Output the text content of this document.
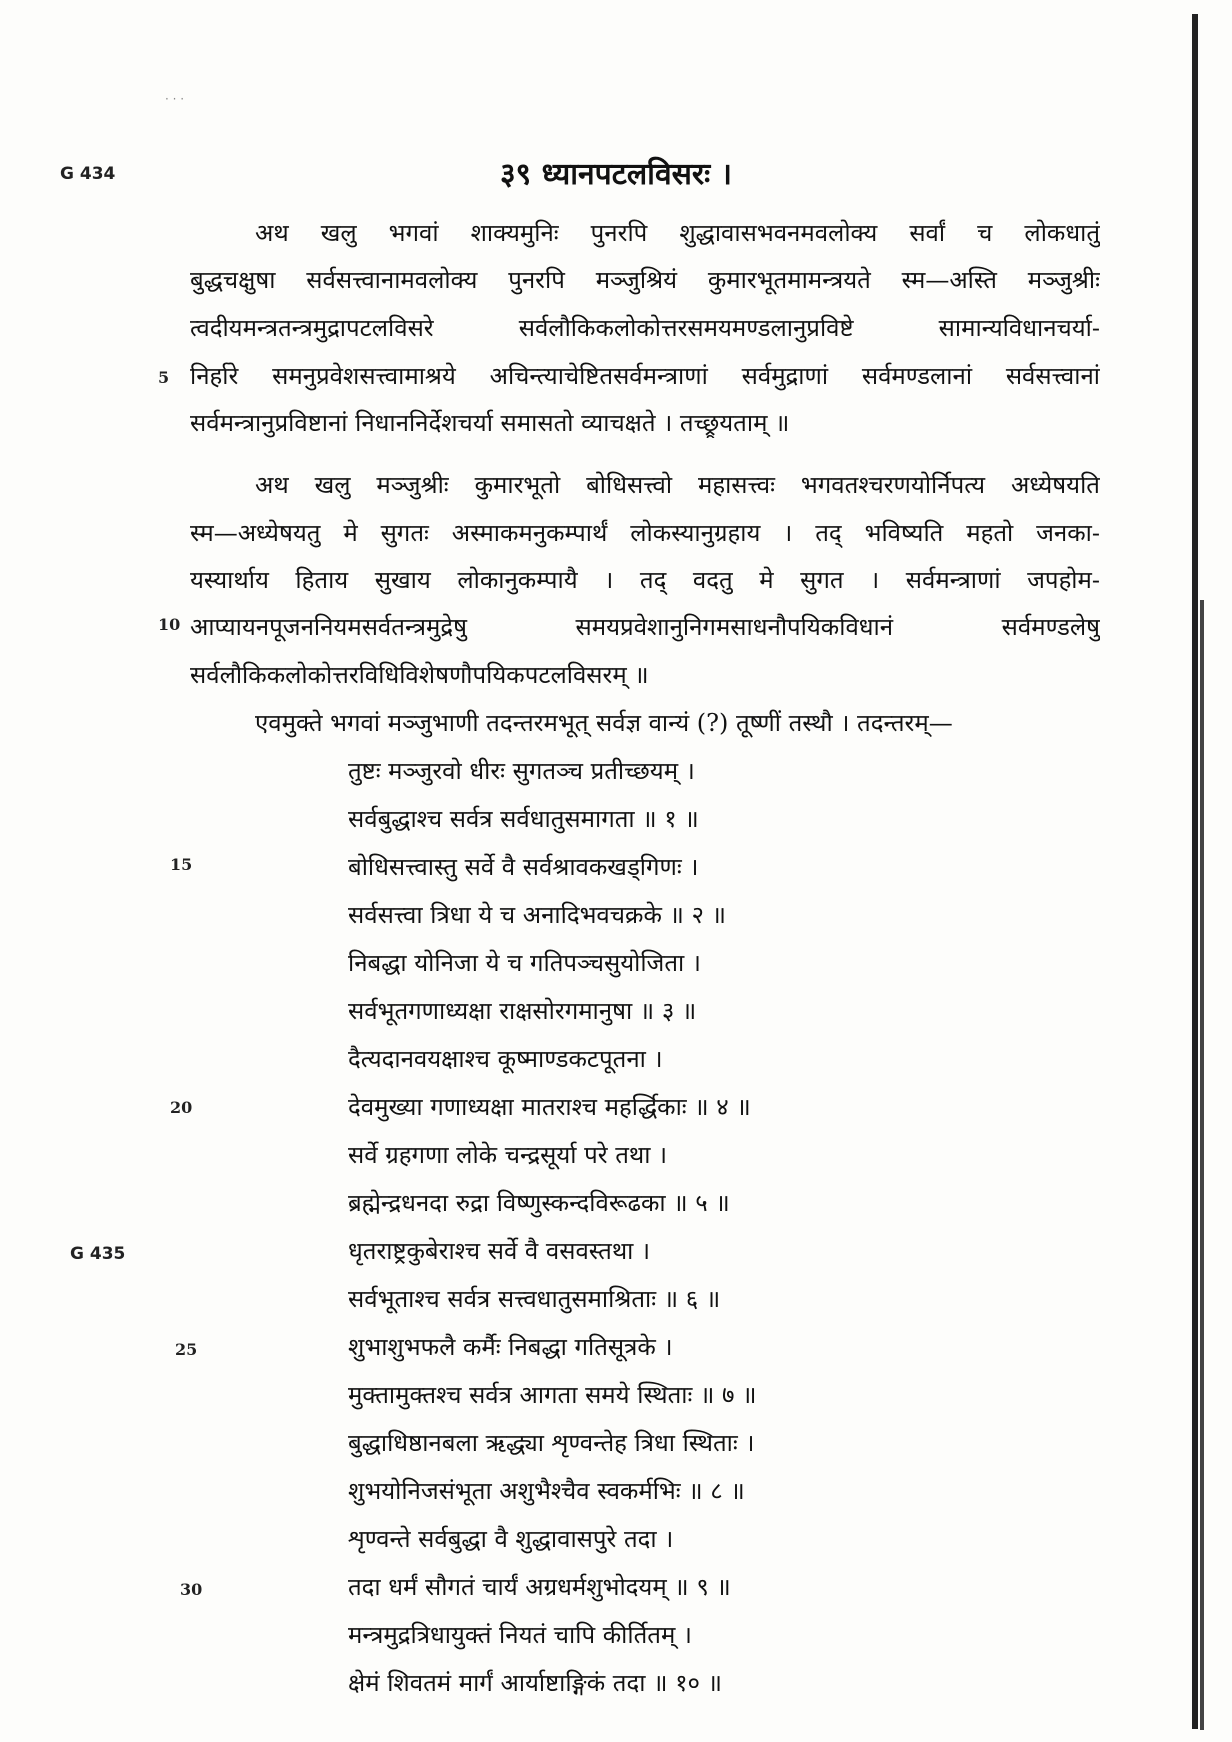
· · ·
G 434
G 435
5
10
15
20
25
30
३९ ध्यानपटलविसरः ।
अथ खलु भगवां शाक्यमुनिः पुनरपि शुद्धावासभवनमवलोक्य सर्वां च लोकधातुं
बुद्धचक्षुषा सर्वसत्त्वानामवलोक्य पुनरपि मञ्जुश्रियं कुमारभूतमामन्त्रयते स्म—अस्ति मञ्जुश्रीः
त्वदीयमन्त्रतन्त्रमुद्रापटलविसरे सर्वलौकिकलोकोत्तरसमयमण्डलानुप्रविष्टे सामान्यविधानचर्या-
निर्हारे समनुप्रवेशसत्त्वामाश्रये अचिन्त्याचेष्टितसर्वमन्त्राणां सर्वमुद्राणां सर्वमण्डलानां सर्वसत्त्वानां
सर्वमन्त्रानुप्रविष्टानां निधाननिर्देशचर्या समासतो व्याचक्षते । तच्छ्रूयताम् ॥
अथ खलु मञ्जुश्रीः कुमारभूतो बोधिसत्त्वो महासत्त्वः भगवतश्चरणयोर्निपत्य अध्येषयति
स्म—अध्येषयतु मे सुगतः अस्माकमनुकम्पार्थं लोकस्यानुग्रहाय । तद् भविष्यति महतो जनका-
यस्यार्थाय हिताय सुखाय लोकानुकम्पायै । तद् वदतु मे सुगत । सर्वमन्त्राणां जपहोम-
आप्यायनपूजननियमसर्वतन्त्रमुद्रेषु समयप्रवेशानुनिगमसाधनौपयिकविधानं सर्वमण्डलेषु
सर्वलौकिकलोकोत्तरविधिविशेषणौपयिकपटलविसरम् ॥
एवमुक्ते भगवां मञ्जुभाणी तदन्तरमभूत् सर्वज्ञ वान्यं (?) तूष्णीं तस्थौ । तदन्तरम्—
तुष्टः मञ्जुरवो धीरः सुगतञ्च प्रतीच्छयम् ।
सर्वबुद्धाश्च सर्वत्र सर्वधातुसमागता ॥ १ ॥
बोधिसत्त्वास्तु सर्वे वै सर्वश्रावकखड्गिणः ।
सर्वसत्त्वा त्रिधा ये च अनादिभवचक्रके ॥ २ ॥
निबद्धा योनिजा ये च गतिपञ्चसुयोजिता ।
सर्वभूतगणाध्यक्षा राक्षसोरगमानुषा ॥ ३ ॥
दैत्यदानवयक्षाश्च कूष्माण्डकटपूतना ।
देवमुख्या गणाध्यक्षा मातराश्च महर्द्धिकाः ॥ ४ ॥
सर्वे ग्रहगणा लोके चन्द्रसूर्या परे तथा ।
ब्रह्मेन्द्रधनदा रुद्रा विष्णुस्कन्दविरूढका ॥ ५ ॥
धृतराष्ट्रकुबेराश्च सर्वे वै वसवस्तथा ।
सर्वभूताश्च सर्वत्र सत्त्वधातुसमाश्रिताः ॥ ६ ॥
शुभाशुभफलै कर्मैः निबद्धा गतिसूत्रके ।
मुक्तामुक्तश्च सर्वत्र आगता समये स्थिताः ॥ ७ ॥
बुद्धाधिष्ठानबला ऋद्ध्या शृण्वन्तेह त्रिधा स्थिताः ।
शुभयोनिजसंभूता अशुभैश्चैव स्वकर्मभिः ॥ ८ ॥
शृण्वन्ते सर्वबुद्धा वै शुद्धावासपुरे तदा ।
तदा धर्मं सौगतं चार्यं अग्रधर्मशुभोदयम् ॥ ९ ॥
मन्त्रमुद्रत्रिधायुक्तं नियतं चापि कीर्तितम् ।
क्षेमं शिवतमं मार्गं आर्याष्टाङ्गिकं तदा ॥ १० ॥
